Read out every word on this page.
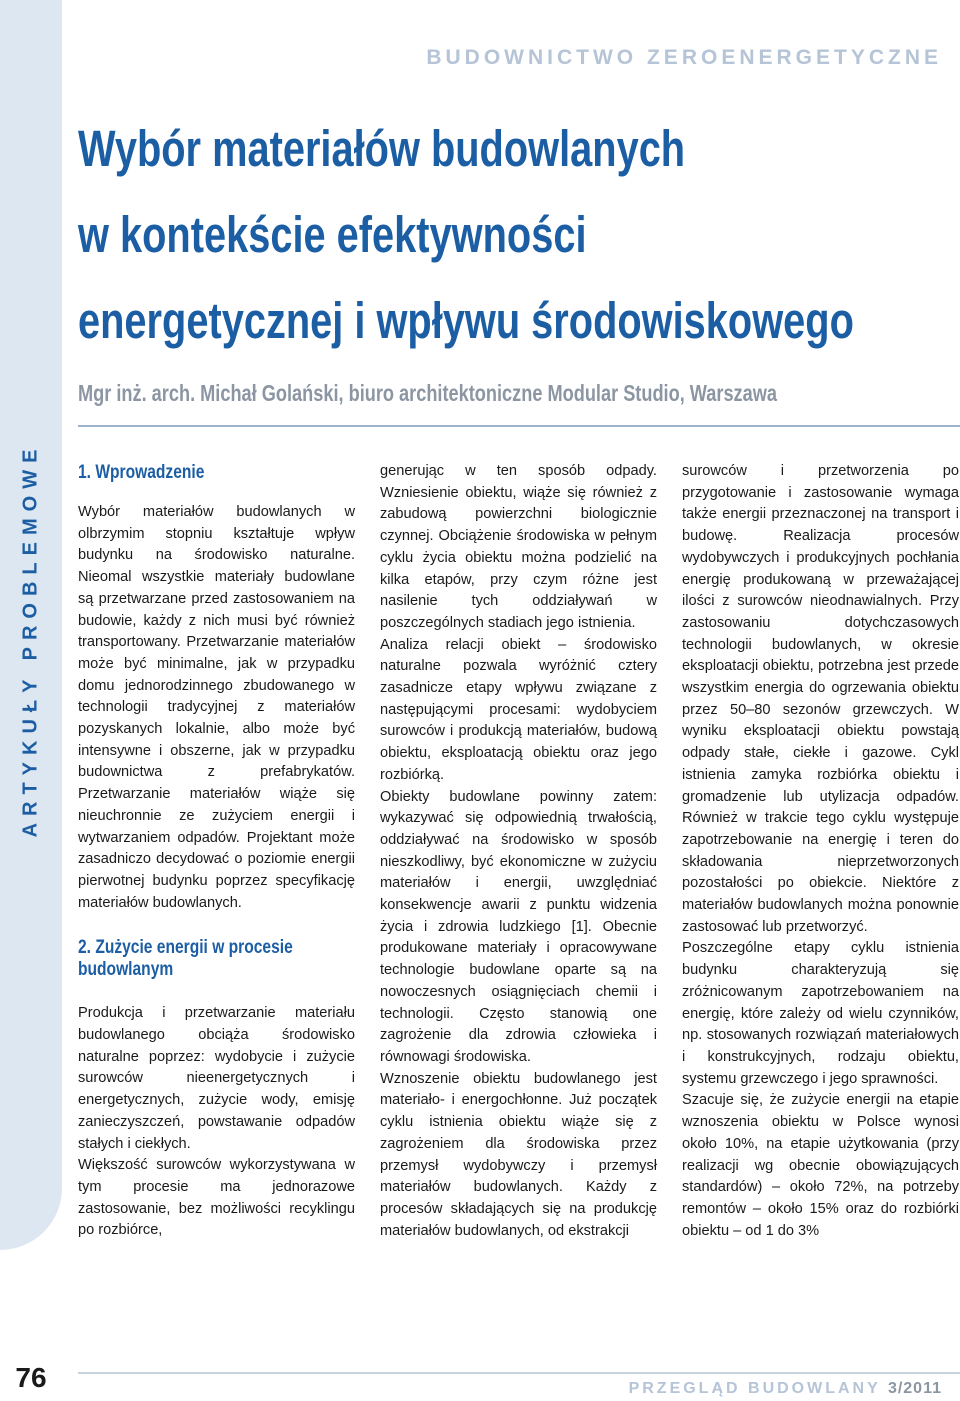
ARTYKUŁY PROBLEMOWE
76
BUDOWNICTWO ZEROENERGETYCZNE
Wybór materiałów budowlanych
w kontekście efektywności
energetycznej i wpływu środowiskowego
Mgr inż. arch. Michał Golański, biuro architektoniczne Modular Studio, Warszawa
1. Wprowadzenie

Wybór materiałów budowlanych w olbrzymim stopniu kształtuje wpływ budynku na środowisko naturalne. Nieomal wszystkie materiały budowlane są przetwarzane przed zastosowaniem na budowie, każdy z nich musi być również transportowany. Przetwarzanie materiałów może być minimalne, jak w przypadku domu jednorodzinnego zbudowanego w technologii tradycyjnej z materiałów pozyskanych lokalnie, albo może być intensywne i obszerne, jak w przypadku budownictwa z prefabrykatów. Przetwarzanie materiałów wiąże się nieuchronnie ze zużyciem energii i wytwarzaniem odpadów. Projektant może zasadniczo decydować o poziomie energii pierwotnej budynku poprzez specyfikację materiałów budowlanych.

2. Zużycie energii w procesie
budowlanym

Produkcja i przetwarzanie materiału budowlanego obciąża środowisko naturalne poprzez: wydobycie i zużycie surowców nieenergetycznych i energetycznych, zużycie wody, emisję zanieczyszczeń, powstawanie odpadów stałych i ciekłych.

Większość surowców wykorzystywana w tym procesie ma jednorazowe zastosowanie, bez możliwości recyklingu po rozbiórce,

generując w ten sposób odpady. Wzniesienie obiektu, wiąże się również z zabudową powierzchni biologicznie czynnej. Obciążenie środowiska w pełnym cyklu życia obiektu można podzielić na kilka etapów, przy czym różne jest nasilenie tych oddziaływań w poszczególnych stadiach jego istnienia.

Analiza relacji obiekt – środowisko naturalne pozwala wyróżnić cztery zasadnicze etapy wpływu związane z następującymi procesami: wydobyciem surowców i produkcją materiałów, budową obiektu, eksploatacją obiektu oraz jego rozbiórką.

Obiekty budowlane powinny zatem: wykazywać się odpowiednią trwałością, oddziaływać na środowisko w sposób nieszkodliwy, być ekonomiczne w zużyciu materiałów i energii, uwzględniać konsekwencje awarii z punktu widzenia życia i zdrowia ludzkiego [1]. Obecnie produkowane materiały i opracowywane technologie budowlane oparte są na nowoczesnych osiągnięciach chemii i technologii. Często stanowią one zagrożenie dla zdrowia człowieka i równowagi środowiska.

Wznoszenie obiektu budowlanego jest materiało- i energochłonne. Już początek cyklu istnienia obiektu wiąże się z zagrożeniem dla środowiska przez przemysł wydobywczy i przemysł materiałów budowlanych. Każdy z procesów składających się na produkcję materiałów budowlanych, od ekstrakcji

surowców i przetworzenia po przygotowanie i zastosowanie wymaga także energii przeznaczonej na transport i budowę. Realizacja procesów wydobywczych i produkcyjnych pochłania energię produkowaną w przeważającej ilości z surowców nieodnawialnych. Przy zastosowaniu dotychczasowych technologii budowlanych, w okresie eksploatacji obiektu, potrzebna jest przede wszystkim energia do ogrzewania obiektu przez 50–80 sezonów grzewczych. W wyniku eksploatacji obiektu powstają odpady stałe, ciekłe i gazowe. Cykl istnienia zamyka rozbiórka obiektu i gromadzenie lub utylizacja odpadów. Również w trakcie tego cyklu występuje zapotrzebowanie na energię i teren do składowania nieprzetworzonych pozostałości po obiekcie. Niektóre z materiałów budowlanych można ponownie zastosować lub przetworzyć.

Poszczególne etapy cyklu istnienia budynku charakteryzują się zróżnicowanym zapotrzebowaniem na energię, które zależy od wielu czynników, np. stosowanych rozwiązań materiałowych i konstrukcyjnych, rodzaju obiektu, systemu grzewczego i jego sprawności.

Szacuje się, że zużycie energii na etapie wznoszenia obiektu w Polsce wynosi około 10%, na etapie użytkowania (przy realizacji wg obecnie obowiązujących standardów) – około 72%, na potrzeby remontów – około 15% oraz do rozbiórki obiektu – od 1 do 3%

PRZEGLĄD BUDOWLANY 3/2011
